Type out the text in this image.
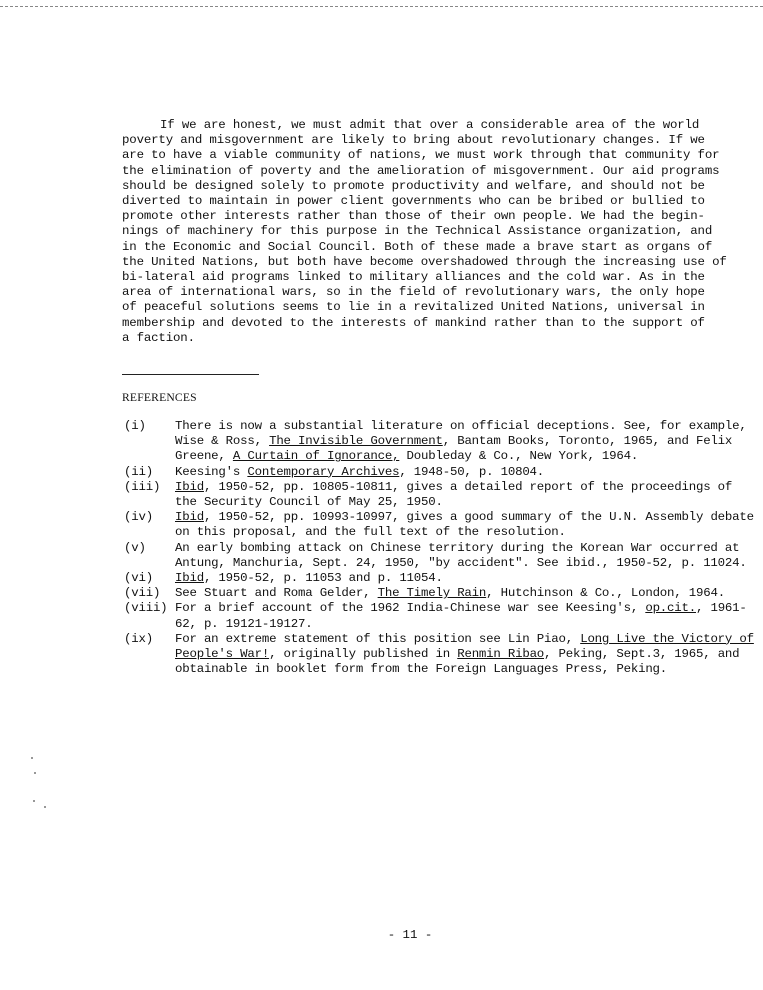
If we are honest, we must admit that over a considerable area of the world
poverty and misgovernment are likely to bring about revolutionary changes. If we
are to have a viable community of nations, we must work through that community for
the elimination of poverty and the amelioration of misgovernment. Our aid programs
should be designed solely to promote productivity and welfare, and should not be
diverted to maintain in power client governments who can be bribed or bullied to
promote other interests rather than those of their own people. We had the begin-
nings of machinery for this purpose in the Technical Assistance organization, and
in the Economic and Social Council. Both of these made a brave start as organs of
the United Nations, but both have become overshadowed through the increasing use of
bi-lateral aid programs linked to military alliances and the cold war. As in the
area of international wars, so in the field of revolutionary wars, the only hope
of peaceful solutions seems to lie in a revitalized United Nations, universal in
membership and devoted to the interests of mankind rather than to the support of
a faction.

REFERENCES
(i)	There is now a substantial literature on official deceptions. See, for example, Wise & Ross, The Invisible Government, Bantam Books, Toronto, 1965, and Felix Greene, A Curtain of Ignorance, Doubleday & Co., New York, 1964.
(ii)	Keesing's Contemporary Archives, 1948-50, p. 10804.
(iii)	Ibid, 1950-52, pp. 10805-10811, gives a detailed report of the proceedings of the Security Council of May 25, 1950.
(iv)	Ibid, 1950-52, pp. 10993-10997, gives a good summary of the U.N. Assembly debate on this proposal, and the full text of the resolution.
(v)	An early bombing attack on Chinese territory during the Korean War occurred at Antung, Manchuria, Sept. 24, 1950, "by accident". See ibid., 1950-52, p. 11024.
(vi)	Ibid, 1950-52, p. 11053 and p. 11054.
(vii)	See Stuart and Roma Gelder, The Timely Rain, Hutchinson & Co., London, 1964.
(viii) For a brief account of the 1962 India-Chinese war see Keesing's, op.cit., 1961-62, p. 19121-19127.
(ix)	For an extreme statement of this position see Lin Piao, Long Live the Victory of People's War!, originally published in Renmin Ribao, Peking, Sept.3, 1965, and obtainable in booklet form from the Foreign Languages Press, Peking.
- 11 -
